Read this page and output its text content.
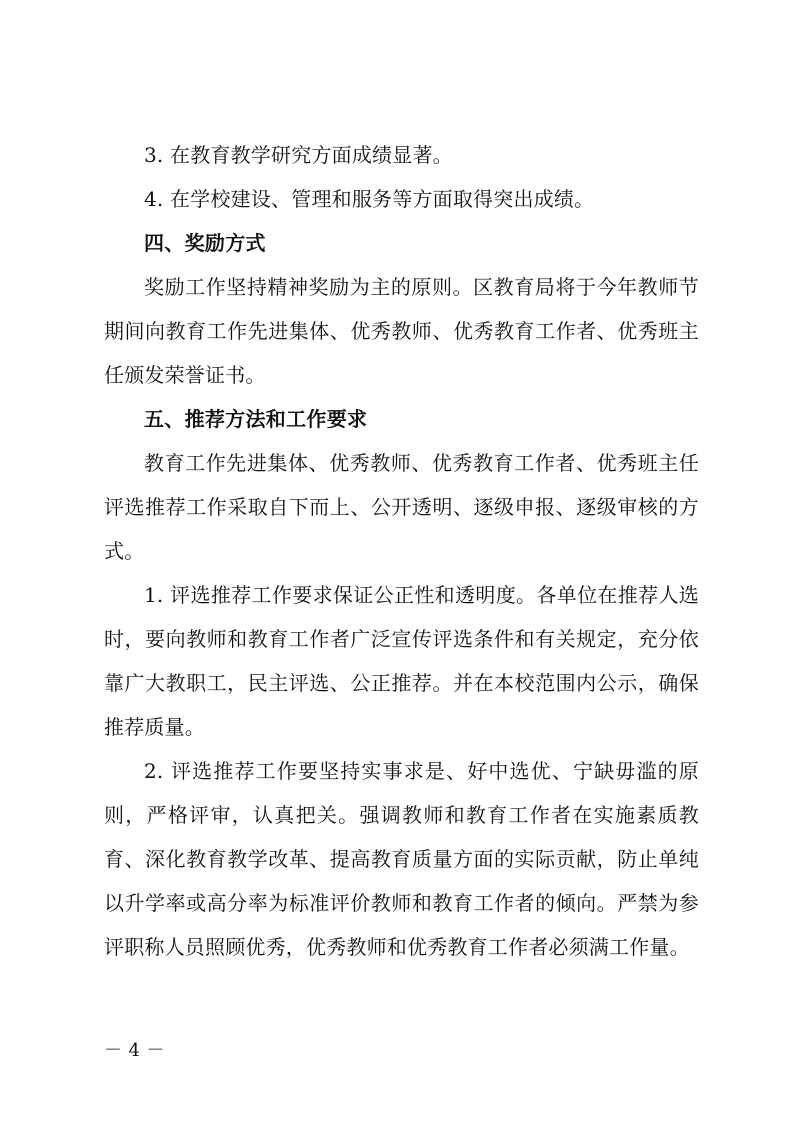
3. 在教育教学研究方面成绩显著。

4. 在学校建设、管理和服务等方面取得突出成绩。

四、奖励方式

奖励工作坚持精神奖励为主的原则。区教育局将于今年教师节期间向教育工作先进集体、优秀教师、优秀教育工作者、优秀班主任颁发荣誉证书。

五、推荐方法和工作要求

教育工作先进集体、优秀教师、优秀教育工作者、优秀班主任评选推荐工作采取自下而上、公开透明、逐级申报、逐级审核的方式。

1. 评选推荐工作要求保证公正性和透明度。各单位在推荐人选时，要向教师和教育工作者广泛宣传评选条件和有关规定，充分依靠广大教职工，民主评选、公正推荐。并在本校范围内公示，确保推荐质量。

2. 评选推荐工作要坚持实事求是、好中选优、宁缺毋滥的原则，严格评审，认真把关。强调教师和教育工作者在实施素质教育、深化教育教学改革、提高教育质量方面的实际贡献，防止单纯以升学率或高分率为标准评价教师和教育工作者的倾向。严禁为参评职称人员照顾优秀，优秀教师和优秀教育工作者必须满工作量。

－ 4 －
